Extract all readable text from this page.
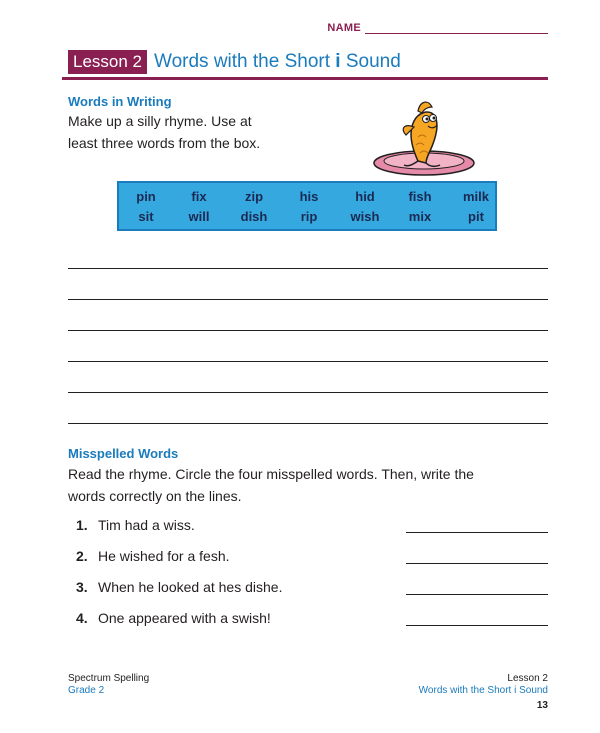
NAME
Lesson 2 Words with the Short i Sound
Words in Writing
Make up a silly rhyme. Use at
least three words from the box.
pin	fix	zip	his	hid	fish	milk
sit	will	dish	rip	wish	mix	pit
Misspelled Words
Read the rhyme. Circle the four misspelled words. Then, write the
words correctly on the lines.
1. Tim had a wiss.
2. He wished for a fesh.
3. When he looked at hes dishe.
4. One appeared with a swish!
Spectrum Spelling
Grade 2
Lesson 2
Words with the Short i Sound
13
